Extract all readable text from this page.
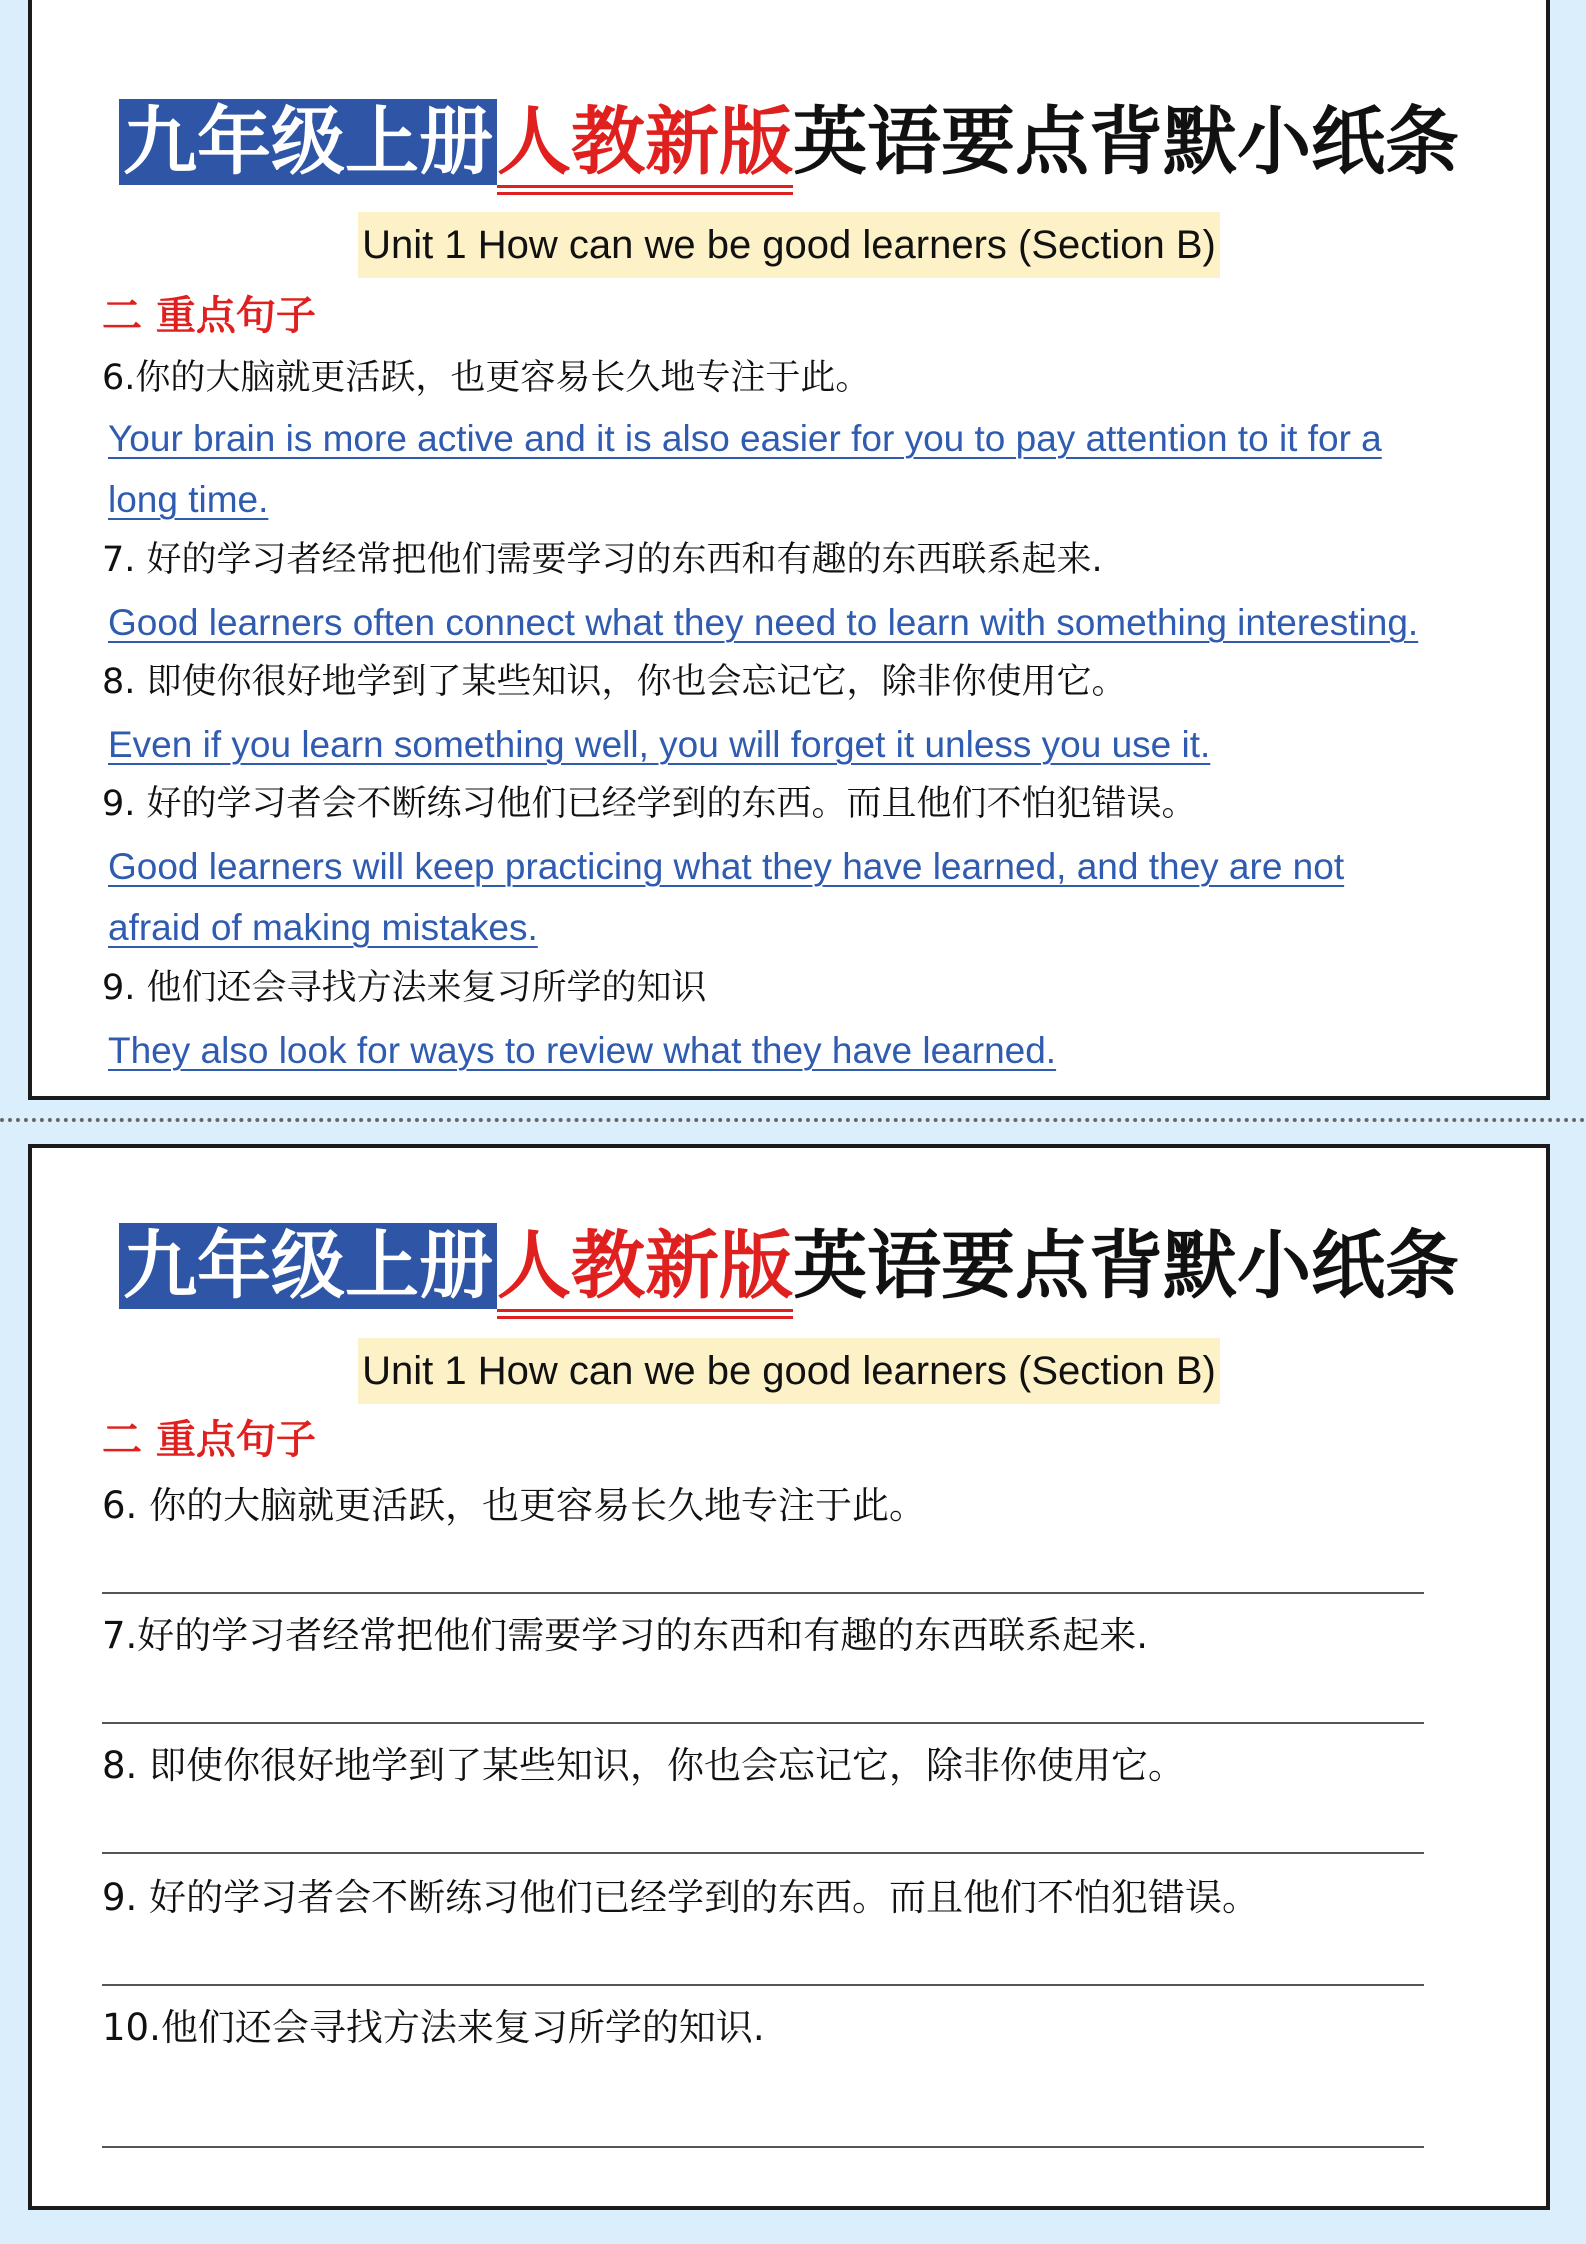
九年级上册人教新版英语要点背默小纸条
Unit 1 How can we be good learners (Section B)
二 重点句子
6.你的大脑就更活跃，也更容易长久地专注于此。
Your brain is more active and it is also easier for you to pay attention to it for a
long time.
7. 好的学习者经常把他们需要学习的东西和有趣的东西联系起来.
Good learners often connect what they need to learn with something interesting.
8. 即使你很好地学到了某些知识，你也会忘记它，除非你使用它。
Even if you learn something well, you will forget it unless you use it.
9. 好的学习者会不断练习他们已经学到的东西。而且他们不怕犯错误。
Good learners will keep practicing what they have learned, and they are not
afraid of making mistakes.
9. 他们还会寻找方法来复习所学的知识
They also look for ways to review what they have learned.
九年级上册人教新版英语要点背默小纸条
Unit 1 How can we be good learners (Section B)
二 重点句子
6. 你的大脑就更活跃，也更容易长久地专注于此。
7.好的学习者经常把他们需要学习的东西和有趣的东西联系起来.
8. 即使你很好地学到了某些知识，你也会忘记它，除非你使用它。
9. 好的学习者会不断练习他们已经学到的东西。而且他们不怕犯错误。
10.他们还会寻找方法来复习所学的知识.
